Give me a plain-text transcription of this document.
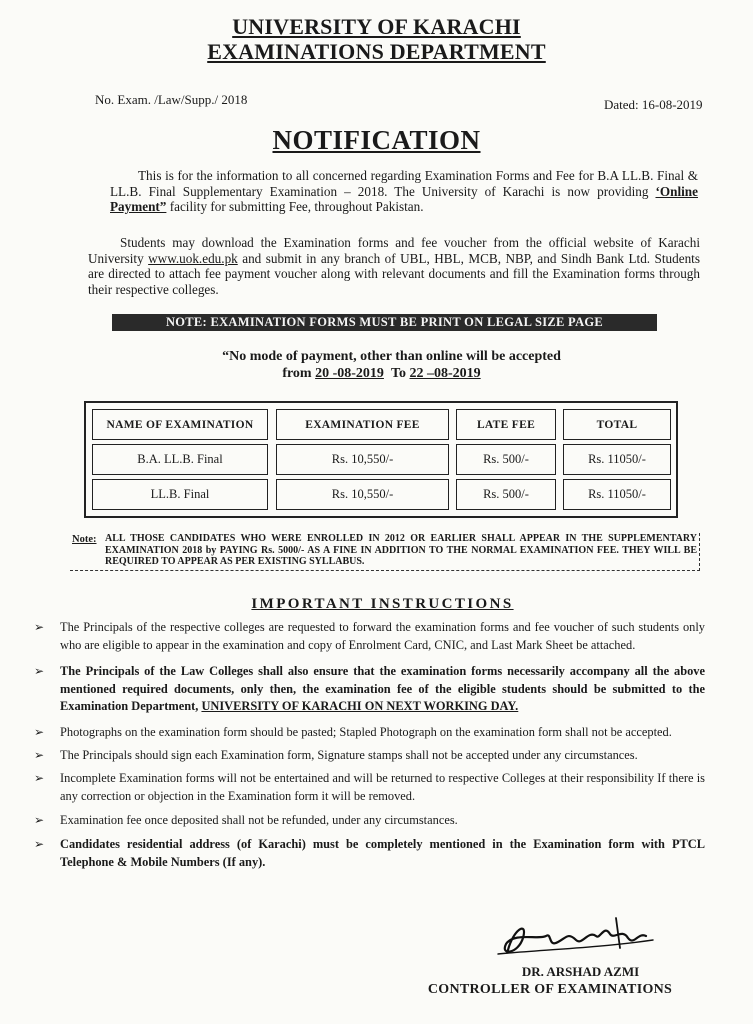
UNIVERSITY OF KARACHI
EXAMINATIONS DEPARTMENT
No. Exam. /Law/Supp./ 2018	Dated: 16-08-2019
NOTIFICATION
This is for the information to all concerned regarding Examination Forms and Fee for B.A LL.B. Final & LL.B. Final Supplementary Examination – 2018. The University of Karachi is now providing ‘Online Payment” facility for submitting Fee, throughout Pakistan.
Students may download the Examination forms and fee voucher from the official website of Karachi University www.uok.edu.pk and submit in any branch of UBL, HBL, MCB, NBP, and Sindh Bank Ltd. Students are directed to attach fee payment voucher along with relevant documents and fill the Examination forms through their respective colleges.
NOTE: EXAMINATION FORMS MUST BE PRINT ON LEGAL SIZE PAGE
“No mode of payment, other than online will be accepted
from 20 -08-2019 To 22 –08-2019
NAME OF EXAMINATION	EXAMINATION FEE	LATE FEE	TOTAL
B.A. LL.B. Final	Rs. 10,550/-	Rs. 500/-	Rs. 11050/-
LL.B. Final	Rs. 10,550/-	Rs. 500/-	Rs. 11050/-
Note: ALL THOSE CANDIDATES WHO WERE ENROLLED IN 2012 OR EARLIER SHALL APPEAR IN THE SUPPLEMENTARY EXAMINATION 2018 by PAYING Rs. 5000/- AS A FINE IN ADDITION TO THE NORMAL EXAMINATION FEE. THEY WILL BE REQUIRED TO APPEAR AS PER EXISTING SYLLABUS.
IMPORTANT INSTRUCTIONS
➢ The Principals of the respective colleges are requested to forward the examination forms and fee voucher of such students only who are eligible to appear in the examination and copy of Enrolment Card, CNIC, and Last Mark Sheet be attached.
➢ The Principals of the Law Colleges shall also ensure that the examination forms necessarily accompany all the above mentioned required documents, only then, the examination fee of the eligible students should be submitted to the Examination Department, UNIVERSITY OF KARACHI ON NEXT WORKING DAY.
➢ Photographs on the examination form should be pasted; Stapled Photograph on the examination form shall not be accepted.
➢ The Principals should sign each Examination form, Signature stamps shall not be accepted under any circumstances.
➢ Incomplete Examination forms will not be entertained and will be returned to respective Colleges at their responsibility If there is any correction or objection in the Examination form it will be removed.
➢ Examination fee once deposited shall not be refunded, under any circumstances.
➢ Candidates residential address (of Karachi) must be completely mentioned in the Examination form with PTCL Telephone & Mobile Numbers (If any).
DR. ARSHAD AZMI
CONTROLLER OF EXAMINATIONS
